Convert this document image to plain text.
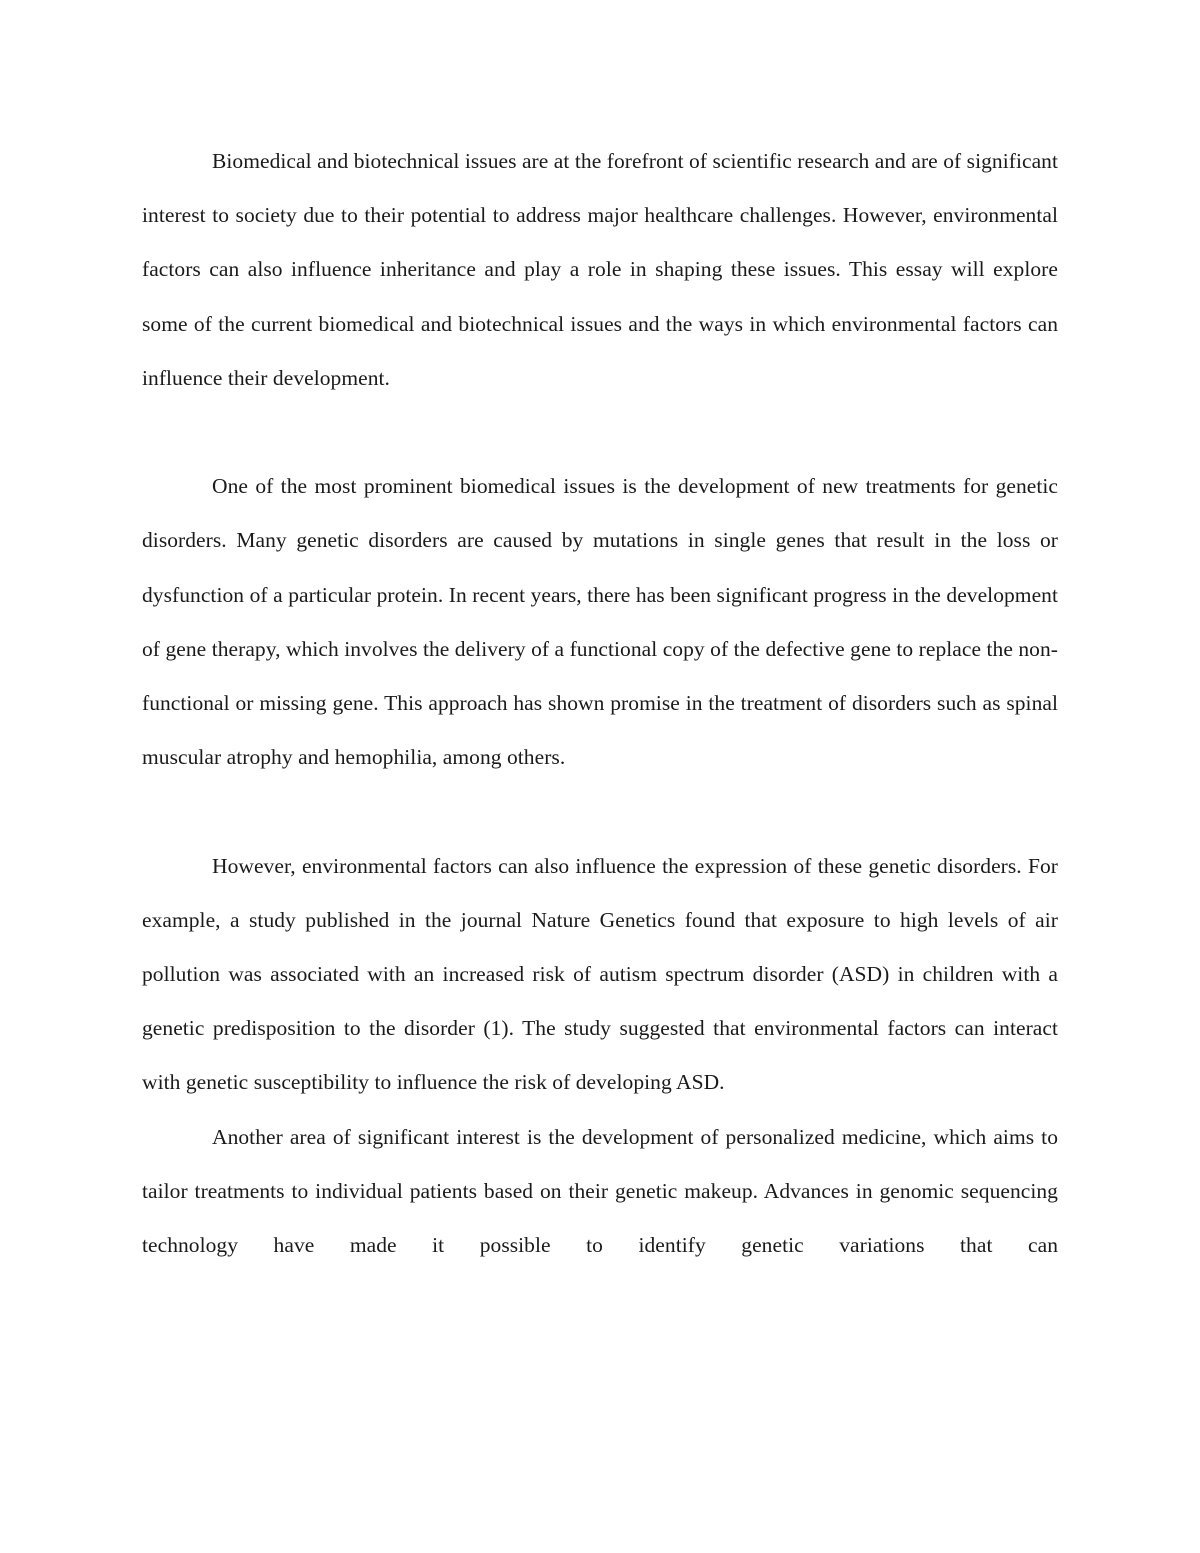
Biomedical and biotechnical issues are at the forefront of scientific research and are of significant interest to society due to their potential to address major healthcare challenges. However, environmental factors can also influence inheritance and play a role in shaping these issues. This essay will explore some of the current biomedical and biotechnical issues and the ways in which environmental factors can influence their development.

One of the most prominent biomedical issues is the development of new treatments for genetic disorders. Many genetic disorders are caused by mutations in single genes that result in the loss or dysfunction of a particular protein. In recent years, there has been significant progress in the development of gene therapy, which involves the delivery of a functional copy of the defective gene to replace the non-functional or missing gene. This approach has shown promise in the treatment of disorders such as spinal muscular atrophy and hemophilia, among others.

However, environmental factors can also influence the expression of these genetic disorders. For example, a study published in the journal Nature Genetics found that exposure to high levels of air pollution was associated with an increased risk of autism spectrum disorder (ASD) in children with a genetic predisposition to the disorder (1). The study suggested that environmental factors can interact with genetic susceptibility to influence the risk of developing ASD.

Another area of significant interest is the development of personalized medicine, which aims to tailor treatments to individual patients based on their genetic makeup. Advances in genomic sequencing technology have made it possible to identify genetic variations that can
